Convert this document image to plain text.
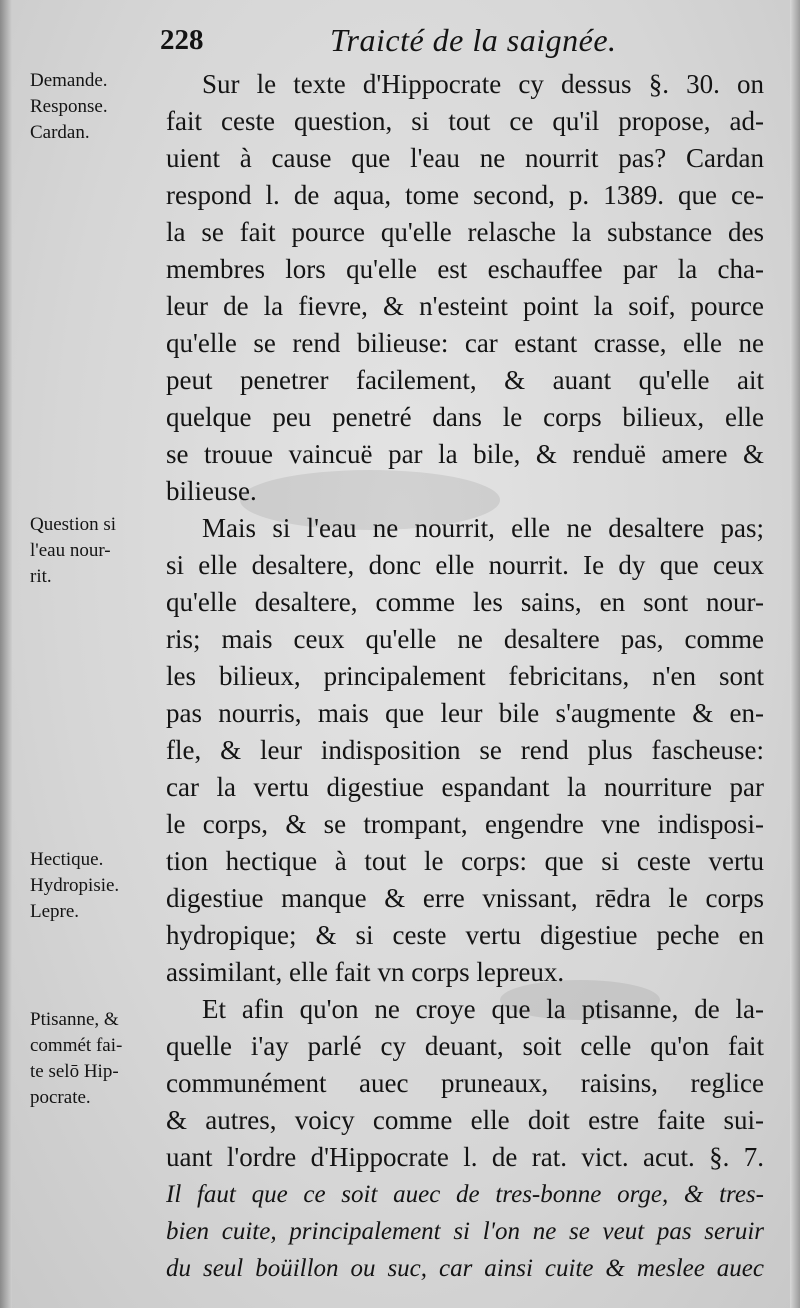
228	Traicté de la saignée.
Demande.
Response.
Cardan.
Question si
l'eau nour-
rit.
Hectique.
Hydropisie.
Lepre.
Ptisanne, &
commét fai-
te selō Hip-
pocrate.
Sur le texte d'Hippocrate cy dessus §. 30. on
fait ceste question, si tout ce qu'il propose, ad-
uient à cause que l'eau ne nourrit pas? Cardan
respond l. de aqua, tome second, p. 1389. que ce-
la se fait pource qu'elle relasche la substance des
membres lors qu'elle est eschauffee par la cha-
leur de la fievre, & n'esteint point la soif, pource
qu'elle se rend bilieuse: car estant crasse, elle ne
peut penetrer facilement, & auant qu'elle ait
quelque peu penetré dans le corps bilieux, elle
se trouue vaincuë par la bile, & renduë amere &
bilieuse.
Mais si l'eau ne nourrit, elle ne desaltere pas;
si elle desaltere, donc elle nourrit. Ie dy que ceux
qu'elle desaltere, comme les sains, en sont nour-
ris; mais ceux qu'elle ne desaltere pas, comme
les bilieux, principalement febricitans, n'en sont
pas nourris, mais que leur bile s'augmente & en-
fle, & leur indisposition se rend plus fascheuse:
car la vertu digestiue espandant la nourriture par
le corps, & se trompant, engendre vne indisposi-
tion hectique à tout le corps: que si ceste vertu
digestiue manque & erre vnissant, rēdra le corps
hydropique; & si ceste vertu digestiue peche en
assimilant, elle fait vn corps lepreux.
Et afin qu'on ne croye que la ptisanne, de la-
quelle i'ay parlé cy deuant, soit celle qu'on fait
communément auec pruneaux, raisins, reglice
& autres, voicy comme elle doit estre faite sui-
uant l'ordre d'Hippocrate l. de rat. vict. acut. §. 7.
Il faut que ce soit auec de tres-bonne orge, & tres-
bien cuite, principalement si l'on ne se veut pas seruir
du seul boüillon ou suc, car ainsi cuite & meslee auec
